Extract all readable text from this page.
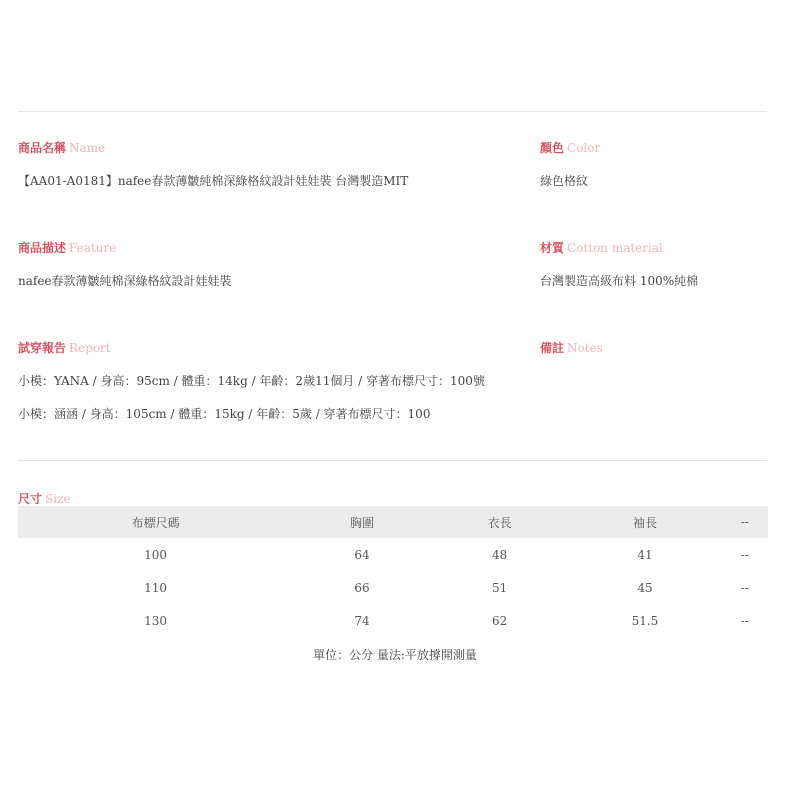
商品名稱 Name
【AA01-A0181】nafee春款薄皺純棉深綠格紋設計娃娃裝 台灣製造MIT
顏色 Color
綠色格紋
商品描述 Feature
nafee春款薄皺純棉深綠格紋設計娃娃裝
材質 Cotton material
台灣製造高級布料 100%純棉
試穿報告 Report
小模：YANA / 身高：95cm / 體重：14kg / 年齡：2歲11個月 / 穿著布標尺寸：100號
小模：涵涵 / 身高：105cm / 體重：15kg / 年齡：5歲 / 穿著布標尺寸：100
備註 Notes
尺寸 Size
布標尺碼	胸圍	衣長	袖長	--
100	64	48	41	--
110	66	51	45	--
130	74	62	51.5	--
單位：公分 量法:平放撐開測量
